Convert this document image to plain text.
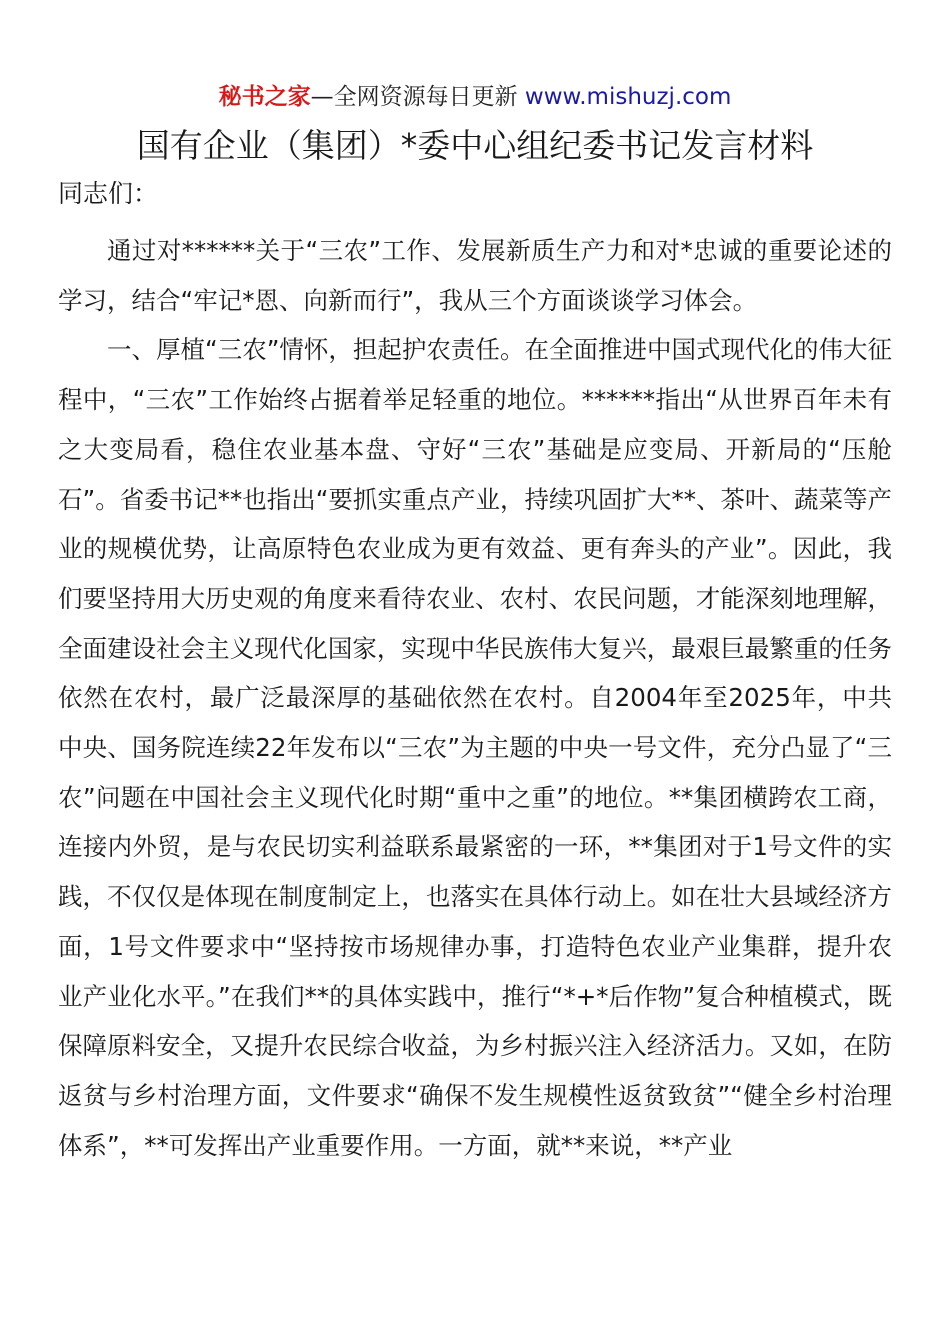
秘书之家—全网资源每日更新 www.mishuzj.com
国有企业（集团）*委中心组纪委书记发言材料
同志们：

通过对******关于“三农”工作、发展新质生产力和对*忠诚的重要论述的学习，结合“牢记*恩、向新而行”，我从三个方面谈谈学习体会。

一、厚植“三农”情怀，担起护农责任。在全面推进中国式现代化的伟大征程中，“三农”工作始终占据着举足轻重的地位。******指出“从世界百年未有之大变局看，稳住农业基本盘、守好“三农”基础是应变局、开新局的“压舱石”。省委书记**也指出“要抓实重点产业，持续巩固扩大**、茶叶、蔬菜等产业的规模优势，让高原特色农业成为更有效益、更有奔头的产业”。因此，我们要坚持用大历史观的角度来看待农业、农村、农民问题，才能深刻地理解，全面建设社会主义现代化国家，实现中华民族伟大复兴，最艰巨最繁重的任务依然在农村，最广泛最深厚的基础依然在农村。自2004年至2025年，中共中央、国务院连续22年发布以“三农”为主题的中央一号文件，充分凸显了“三农”问题在中国社会主义现代化时期“重中之重”的地位。**集团横跨农工商，连接内外贸，是与农民切实利益联系最紧密的一环，**集团对于1号文件的实践，不仅仅是体现在制度制定上，也落实在具体行动上。如在壮大县域经济方面，1号文件要求中“坚持按市场规律办事，打造特色农业产业集群，提升农业产业化水平。”在我们**的具体实践中，推行“*+*后作物”复合种植模式，既保障原料安全，又提升农民综合收益，为乡村振兴注入经济活力。又如，在防返贫与乡村治理方面，文件要求“确保不发生规模性返贫致贫”“健全乡村治理体系”，**可发挥出产业重要作用。一方面，就**来说，**产业
